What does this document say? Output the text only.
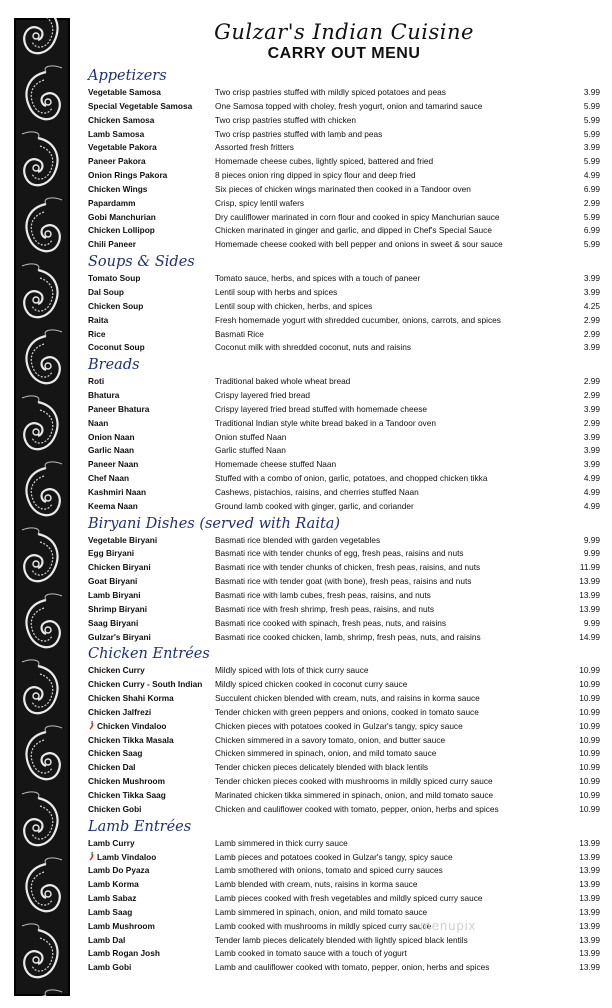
Gulzar's Indian Cuisine
CARRY OUT MENU
Appetizers
Vegetable Samosa	Two crisp pastries stuffed with mildly spiced potatoes and peas	3.99
Special Vegetable Samosa	One Samosa topped with choley, fresh yogurt, onion and tamarind sauce	5.99
Chicken Samosa	Two crisp pastries stuffed with chicken	5.99
Lamb Samosa	Two crisp pastries stuffed with lamb and peas	5.99
Vegetable Pakora	Assorted fresh fritters	3.99
Paneer Pakora	Homemade cheese cubes, lightly spiced, battered and fried	5.99
Onion Rings Pakora	8 pieces onion ring dipped in spicy flour and deep fried	4.99
Chicken Wings	Six pieces of chicken wings marinated then cooked in a Tandoor oven	6.99
Papardamm	Crisp, spicy lentil wafers	2.99
Gobi Manchurian	Dry cauliflower marinated in corn flour and cooked in spicy Manchurian sauce	5.99
Chicken Lollipop	Chicken marinated in ginger and garlic, and dipped in Chef's Special Sauce	6.99
Chili Paneer	Homemade cheese cooked with bell pepper and onions in sweet & sour sauce	5.99
Soups & Sides
Tomato Soup	Tomato sauce, herbs, and spices with a touch of paneer	3.99
Dal Soup	Lentil soup with herbs and spices	3.99
Chicken Soup	Lentil soup with chicken, herbs, and spices	4.25
Raita	Fresh homemade yogurt with shredded cucumber, onions, carrots, and spices	2.99
Rice	Basmati Rice	2.99
Coconut Soup	Coconut milk with shredded coconut, nuts and raisins	3.99
Breads
Roti	Traditional baked whole wheat bread	2.99
Bhatura	Crispy layered fried bread	2.99
Paneer Bhatura	Crispy layered fried bread stuffed with homemade cheese	3.99
Naan	Traditional Indian style white bread baked in a Tandoor oven	2.99
Onion Naan	Onion stuffed Naan	3.99
Garlic Naan	Garlic stuffed Naan	3.99
Paneer Naan	Homemade cheese stuffed Naan	3.99
Chef Naan	Stuffed with a combo of onion, garlic, potatoes, and chopped chicken tikka	4.99
Kashmiri Naan	Cashews, pistachios, raisins, and cherries stuffed Naan	4.99
Keema Naan	Ground lamb cooked with ginger, garlic, and coriander	4.99
Biryani Dishes (served with Raita)
Vegetable Biryani	Basmati rice blended with garden vegetables	9.99
Egg Biryani	Basmati rice with tender chunks of egg, fresh peas, raisins and nuts	9.99
Chicken Biryani	Basmati rice with tender chunks of chicken, fresh peas, raisins, and nuts	11.99
Goat Biryani	Basmati rice with tender goat (with bone), fresh peas, raisins and nuts	13.99
Lamb Biryani	Basmati rice with lamb cubes, fresh peas, raisins, and nuts	13.99
Shrimp Biryani	Basmati rice with fresh shrimp, fresh peas, raisins, and nuts	13.99
Saag Biryani	Basmati rice cooked with spinach, fresh peas, nuts, and raisins	9.99
Gulzar's Biryani	Basmati rice cooked chicken, lamb, shrimp, fresh peas, nuts, and raisins	14.99
Chicken Entrées
Chicken Curry	Mildly spiced with lots of thick curry sauce	10.99
Chicken Curry - South Indian	Mildly spiced chicken cooked in coconut curry sauce	10.99
Chicken Shahi Korma	Succulent chicken blended with cream, nuts, and raisins in korma sauce	10.99
Chicken Jalfrezi	Tender chicken with green peppers and onions, cooked in tomato sauce	10.99
Chicken Vindaloo	Chicken pieces with potatoes cooked in Gulzar's tangy, spicy sauce	10.99
Chicken Tikka Masala	Chicken simmered in a savory tomato, onion, and butter sauce	10.99
Chicken Saag	Chicken simmered in spinach, onion, and mild tomato sauce	10.99
Chicken Dal	Tender chicken pieces delicately blended with black lentils	10.99
Chicken Mushroom	Tender chicken pieces cooked with mushrooms in mildly spiced curry sauce	10.99
Chicken Tikka Saag	Marinated chicken tikka simmered in spinach, onion, and mild tomato sauce	10.99
Chicken Gobi	Chicken and cauliflower cooked with tomato, pepper, onion, herbs and spices	10.99
Lamb Entrées
Lamb Curry	Lamb simmered in thick curry sauce	13.99
Lamb Vindaloo	Lamb pieces and potatoes cooked in Gulzar's tangy, spicy sauce	13.99
Lamb Do Pyaza	Lamb smothered with onions, tomato and spiced curry sauces	13.99
Lamb Korma	Lamb blended with cream, nuts, raisins in korma sauce	13.99
Lamb Sabaz	Lamb pieces cooked with fresh vegetables and mildly spiced curry sauce	13.99
Lamb Saag	Lamb simmered in spinach, onion, and mild tomato sauce	13.99
Lamb Mushroom	Lamb cooked with mushrooms in mildly spiced curry sauce	13.99
Lamb Dal	Tender lamb pieces delicately blended with lightly spiced black lentils	13.99
Lamb Rogan Josh	Lamb cooked in tomato sauce with a touch of yogurt	13.99
Lamb Gobi	Lamb and cauliflower cooked with tomato, pepper, onion, herbs and spices	13.99
menupix
